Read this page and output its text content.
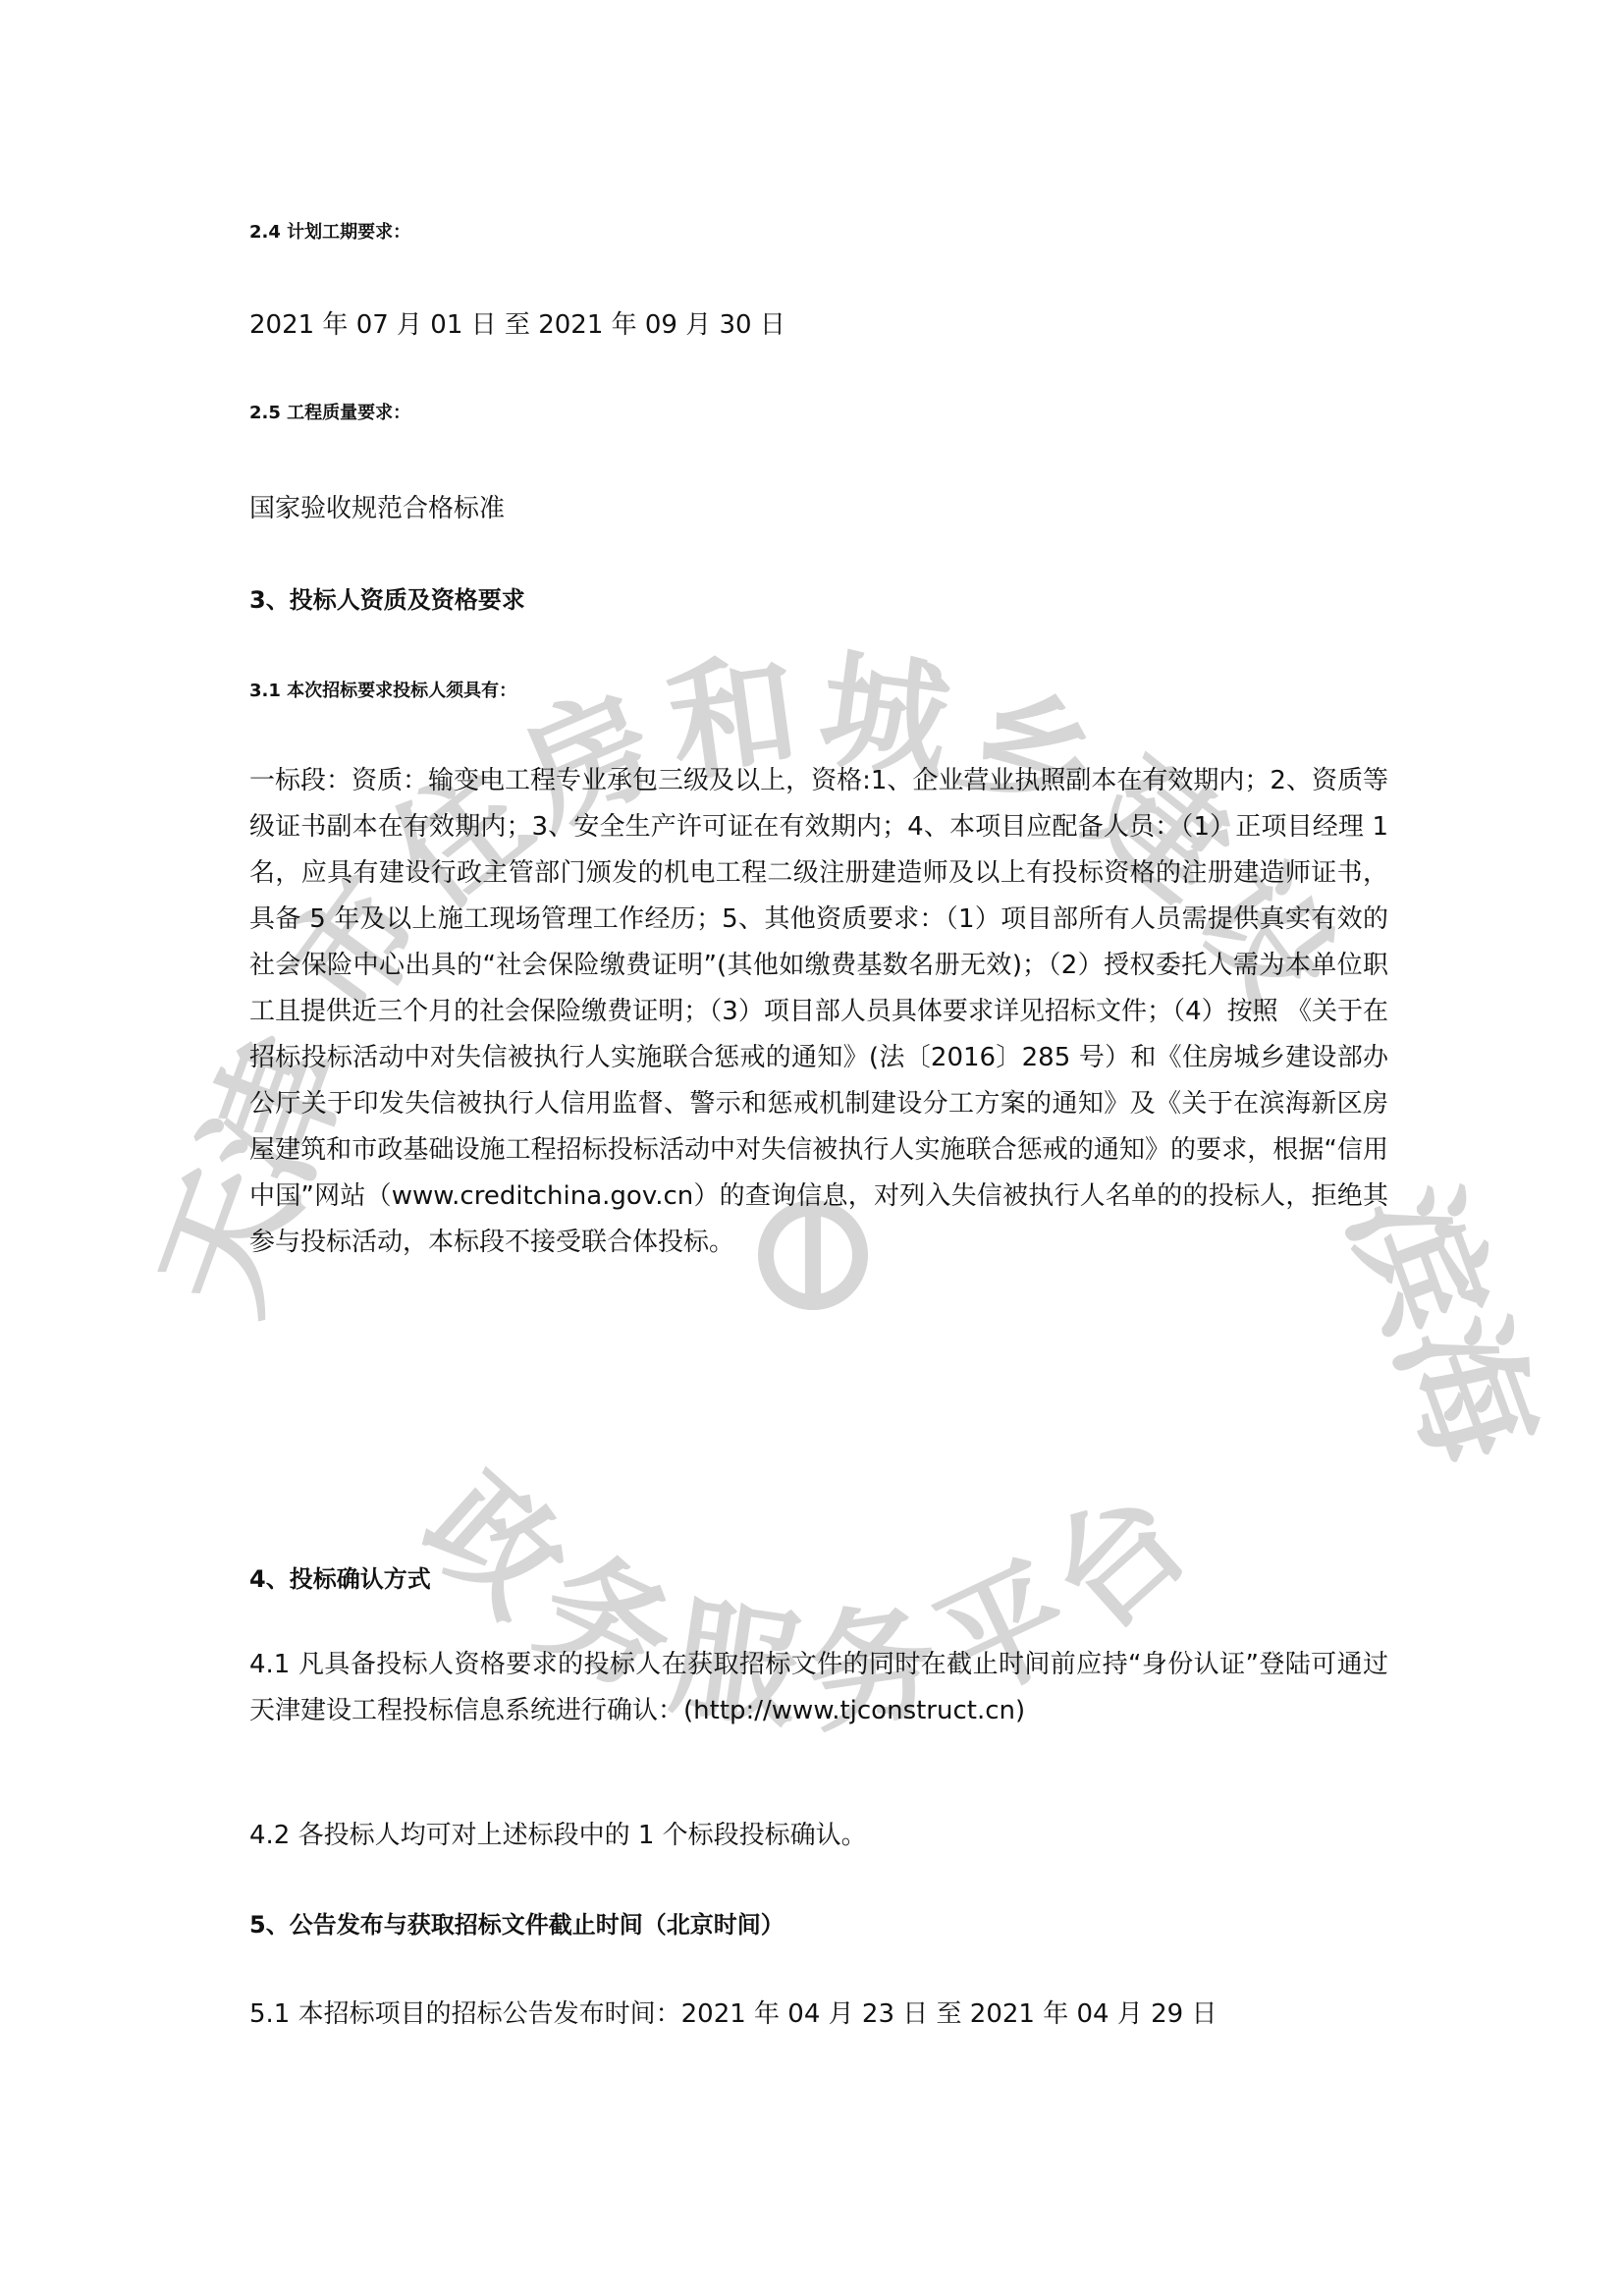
市住房和城乡建设
政务服务平台
天津	滨海

2.4 计划工期要求：

2021 年 07 月 01 日 至 2021 年 09 月 30 日

2.5 工程质量要求：

国家验收规范合格标准

3、投标人资质及资格要求

3.1 本次招标要求投标人须具有：

一标段：资质：输变电工程专业承包三级及以上，资格:1、企业营业执照副本在有效期内；2、资质等级证书副本在有效期内；3、安全生产许可证在有效期内；4、本项目应配备人员：（1）正项目经理 1 名，应具有建设行政主管部门颁发的机电工程二级注册建造师及以上有投标资格的注册建造师证书，具备 5 年及以上施工现场管理工作经历；5、其他资质要求：（1）项目部所有人员需提供真实有效的社会保险中心出具的“社会保险缴费证明”(其他如缴费基数名册无效)；（2）授权委托人需为本单位职工且提供近三个月的社会保险缴费证明；（3）项目部人员具体要求详见招标文件；（4）按照 《关于在招标投标活动中对失信被执行人实施联合惩戒的通知》(法〔2016〕285 号）和《住房城乡建设部办公厅关于印发失信被执行人信用监督、警示和惩戒机制建设分工方案的通知》及《关于在滨海新区房屋建筑和市政基础设施工程招标投标活动中对失信被执行人实施联合惩戒的通知》的要求，根据“信用中国”网站（www.creditchina.gov.cn）的查询信息，对列入失信被执行人名单的的投标人，拒绝其参与投标活动，本标段不接受联合体投标。

4、投标确认方式

4.1 凡具备投标人资格要求的投标人在获取招标文件的同时在截止时间前应持“身份认证”登陆可通过天津建设工程投标信息系统进行确认：(http://www.tjconstruct.cn)

4.2 各投标人均可对上述标段中的 1 个标段投标确认。

5、公告发布与获取招标文件截止时间（北京时间）

5.1 本招标项目的招标公告发布时间：2021 年 04 月 23 日 至 2021 年 04 月 29 日
